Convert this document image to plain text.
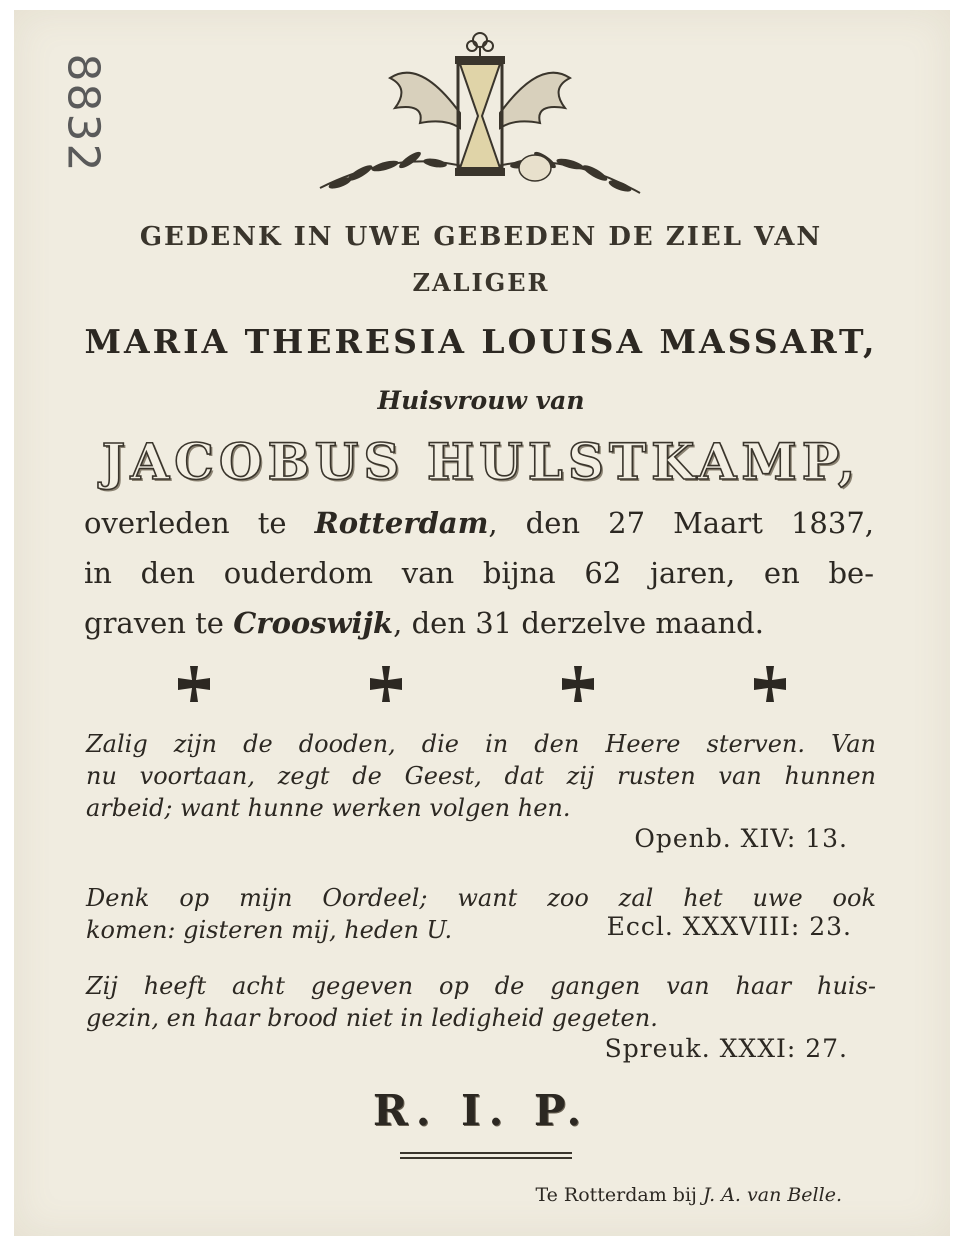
8832
GEDENK IN UWE GEBEDEN DE ZIEL VAN
ZALIGER
MARIA THERESIA LOUISA MASSART,
Huisvrouw van
JACOBUS HULSTKAMP,
overleden te Rotterdam, den 27 Maart 1837,
in den ouderdom van bijna 62 jaren, en be-
graven te Crooswijk, den 31 derzelve maand.
Zalig zijn de dooden, die in den Heere sterven. Van
nu voortaan, zegt de Geest, dat zij rusten van hunnen
arbeid; want hunne werken volgen hen.
Openb. XIV: 13.
Denk op mijn Oordeel; want zoo zal het uwe ook
komen: gisteren mij, heden U.	Eccl. XXXVIII: 23.
Zij heeft acht gegeven op de gangen van haar huis-
gezin, en haar brood niet in ledigheid gegeten.
Spreuk. XXXI: 27.
R. I. P.
Te Rotterdam bij J. A. van Belle.
